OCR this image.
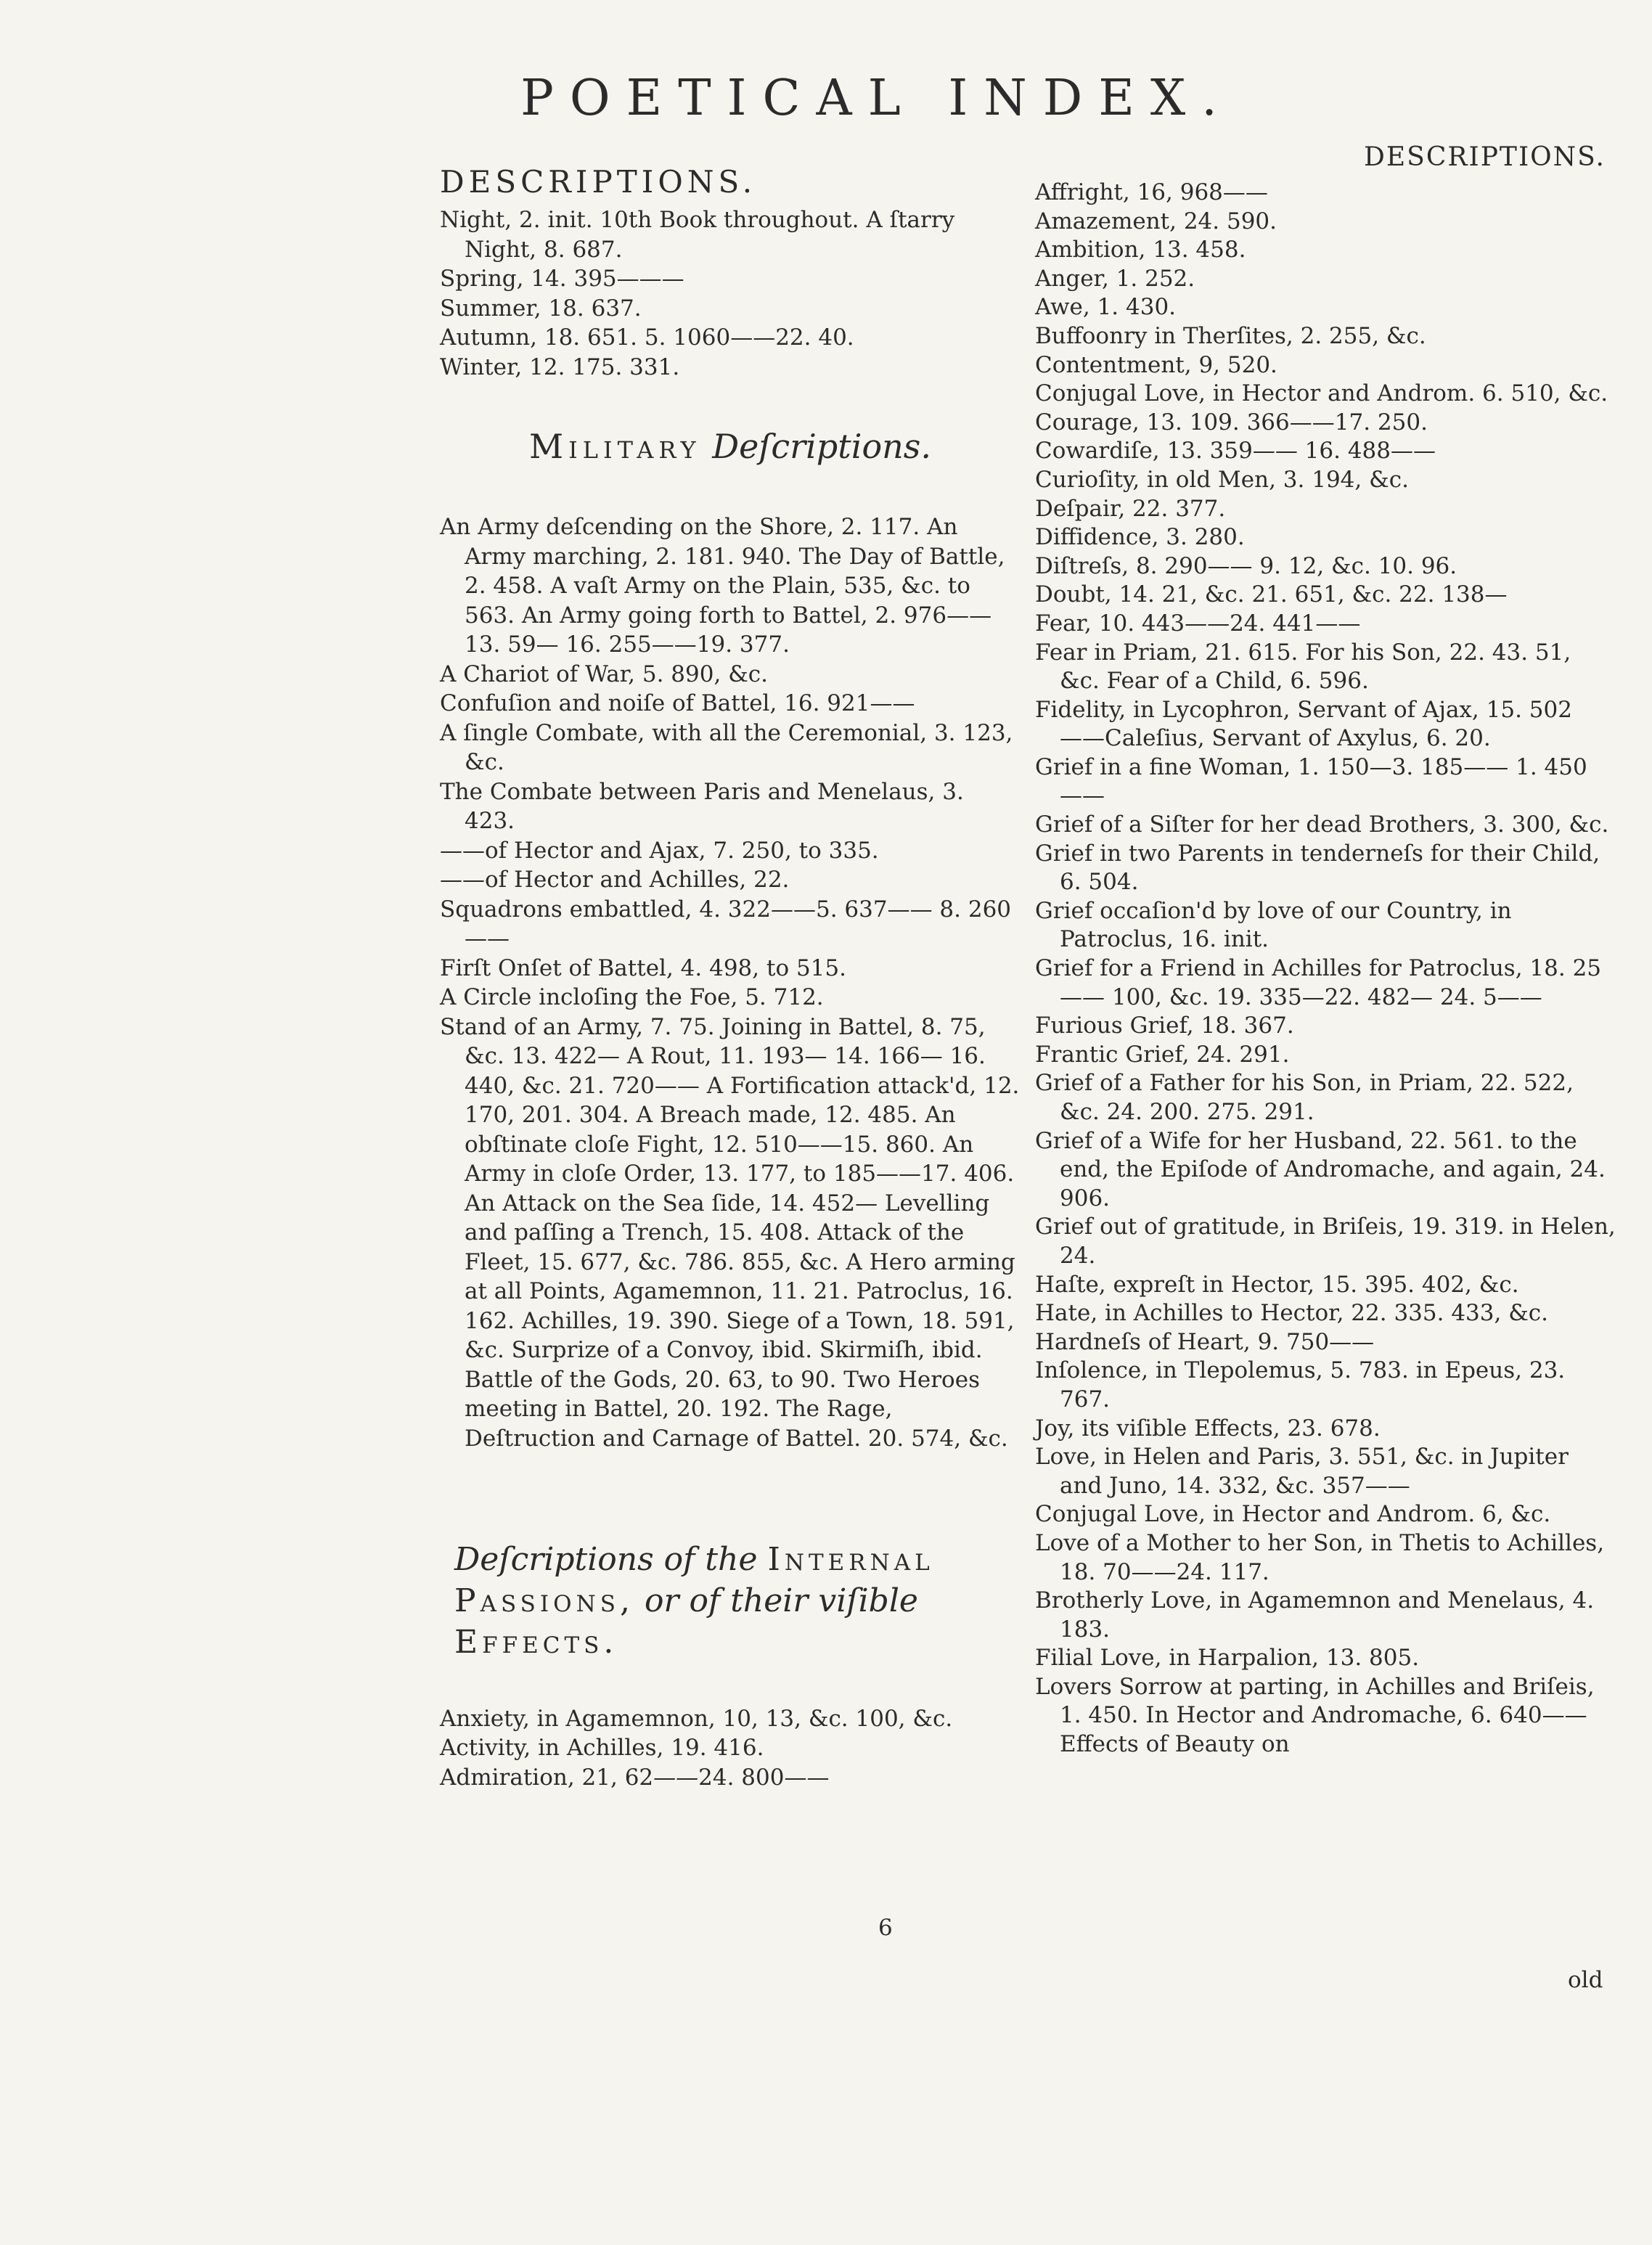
POETICAL INDEX.
DESCRIPTIONS.

Night, 2. init. 10th Book throughout. A ſtarry Night, 8. 687.

Spring, 14. 395———

Summer, 18. 637.

Autumn, 18. 651. 5. 1060——22. 40.

Winter, 12. 175. 331.

Military Deſcriptions.

An Army deſcending on the Shore, 2. 117. An Army marching, 2. 181. 940. The Day of Battle, 2. 458. A vaſt Army on the Plain, 535, &c. to 563. An Army going forth to Battel, 2. 976——13. 59— 16. 255——19. 377.

A Chariot of War, 5. 890, &c.

Confuſion and noiſe of Battel, 16. 921——

A ſingle Combate, with all the Ceremonial, 3. 123, &c.

The Combate between Paris and Menelaus, 3. 423.

——of Hector and Ajax, 7. 250, to 335.

——of Hector and Achilles, 22.

Squadrons embattled, 4. 322——5. 637—— 8. 260——

Firſt Onſet of Battel, 4. 498, to 515.

A Circle incloſing the Foe, 5. 712.

Stand of an Army, 7. 75. Joining in Battel, 8. 75, &c. 13. 422— A Rout, 11. 193— 14. 166— 16. 440, &c. 21. 720—— A Fortification attack'd, 12. 170, 201. 304. A Breach made, 12. 485. An obſtinate cloſe Fight, 12. 510——15. 860. An Army in cloſe Order, 13. 177, to 185——17. 406. An Attack on the Sea ſide, 14. 452— Levelling and paſſing a Trench, 15. 408. Attack of the Fleet, 15. 677, &c. 786. 855, &c. A Hero arming at all Points, Agamemnon, 11. 21. Patroclus, 16. 162. Achilles, 19. 390. Siege of a Town, 18. 591, &c. Surprize of a Convoy, ibid. Skirmiſh, ibid. Battle of the Gods, 20. 63, to 90. Two Heroes meeting in Battel, 20. 192. The Rage, Deſtruction and Carnage of Battel. 20. 574, &c.

Deſcriptions of the Internal
Passions, or of their viſible
Effects.

Anxiety, in Agamemnon, 10, 13, &c. 100, &c.

Activity, in Achilles, 19. 416.

Admiration, 21, 62——24. 800——

DESCRIPTIONS.

Affright, 16, 968——

Amazement, 24. 590.

Ambition, 13. 458.

Anger, 1. 252.

Awe, 1. 430.

Buffoonry in Therſites, 2. 255, &c.

Contentment, 9, 520.

Conjugal Love, in Hector and Androm. 6. 510, &c.

Courage, 13. 109. 366——17. 250.

Cowardiſe, 13. 359—— 16. 488——

Curioſity, in old Men, 3. 194, &c.

Deſpair, 22. 377.

Diffidence, 3. 280.

Diſtreſs, 8. 290—— 9. 12, &c. 10. 96.

Doubt, 14. 21, &c. 21. 651, &c. 22. 138—

Fear, 10. 443——24. 441——

Fear in Priam, 21. 615. For his Son, 22. 43. 51, &c. Fear of a Child, 6. 596.

Fidelity, in Lycophron, Servant of Ajax, 15. 502——Caleſius, Servant of Axylus, 6. 20.

Grief in a fine Woman, 1. 150—3. 185—— 1. 450——

Grief of a Siſter for her dead Brothers, 3. 300, &c.

Grief in two Parents in tenderneſs for their Child, 6. 504.

Grief occaſion'd by love of our Country, in Patroclus, 16. init.

Grief for a Friend in Achilles for Patroclus, 18. 25—— 100, &c. 19. 335—22. 482— 24. 5——

Furious Grief, 18. 367.

Frantic Grief, 24. 291.

Grief of a Father for his Son, in Priam, 22. 522, &c. 24. 200. 275. 291.

Grief of a Wife for her Husband, 22. 561. to the end, the Epiſode of Andromache, and again, 24. 906.

Grief out of gratitude, in Briſeis, 19. 319. in Helen, 24.

Haſte, expreſt in Hector, 15. 395. 402, &c.

Hate, in Achilles to Hector, 22. 335. 433, &c.

Hardneſs of Heart, 9. 750——

Inſolence, in Tlepolemus, 5. 783. in Epeus, 23. 767.

Joy, its viſible Effects, 23. 678.

Love, in Helen and Paris, 3. 551, &c. in Jupiter and Juno, 14. 332, &c. 357——

Conjugal Love, in Hector and Androm. 6, &c.

Love of a Mother to her Son, in Thetis to Achilles, 18. 70——24. 117.

Brotherly Love, in Agamemnon and Menelaus, 4. 183.

Filial Love, in Harpalion, 13. 805.

Lovers Sorrow at parting, in Achilles and Briſeis, 1. 450. In Hector and Andromache, 6. 640—— Effects of Beauty on

6
old
